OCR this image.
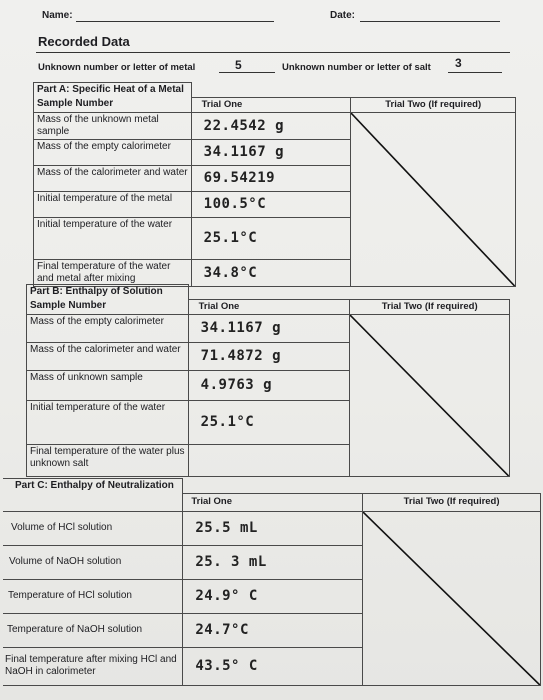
Name:	Date:
Recorded Data
Unknown number or letter of metal	5	Unknown number or letter of salt 3
Part A: Specific Heat of a Metal		
Sample Number	Trial One	Trial Two (If required)
Mass of the unknown metal sample	22.4542 g	

Mass of the empty calorimeter	34.1167 g	
Mass of the calorimeter and water	69.54219	
Initial temperature of the metal	100.5°C	
Initial temperature of the water	25.1°C	
Final temperature of the water and metal after mixing	34.8°C	
Part B: Enthalpy of Solution		
Sample Number	Trial One	Trial Two (If required)
Mass of the empty calorimeter	34.1167 g	

Mass of the calorimeter and water	71.4872 g	
Mass of unknown sample	4.9763 g	
Initial temperature of the water	25.1°C	
Final temperature of the water plus unknown salt		
Part C: Enthalpy of Neutralization		
	Trial One	Trial Two (If required)
Volume of HCl solution	25.5 mL	

Volume of NaOH solution	25. 3 mL	
Temperature of HCl solution	24.9° C	
Temperature of NaOH solution	24.7°C	
Final temperature after mixing HCl and NaOH in calorimeter	43.5° C	
